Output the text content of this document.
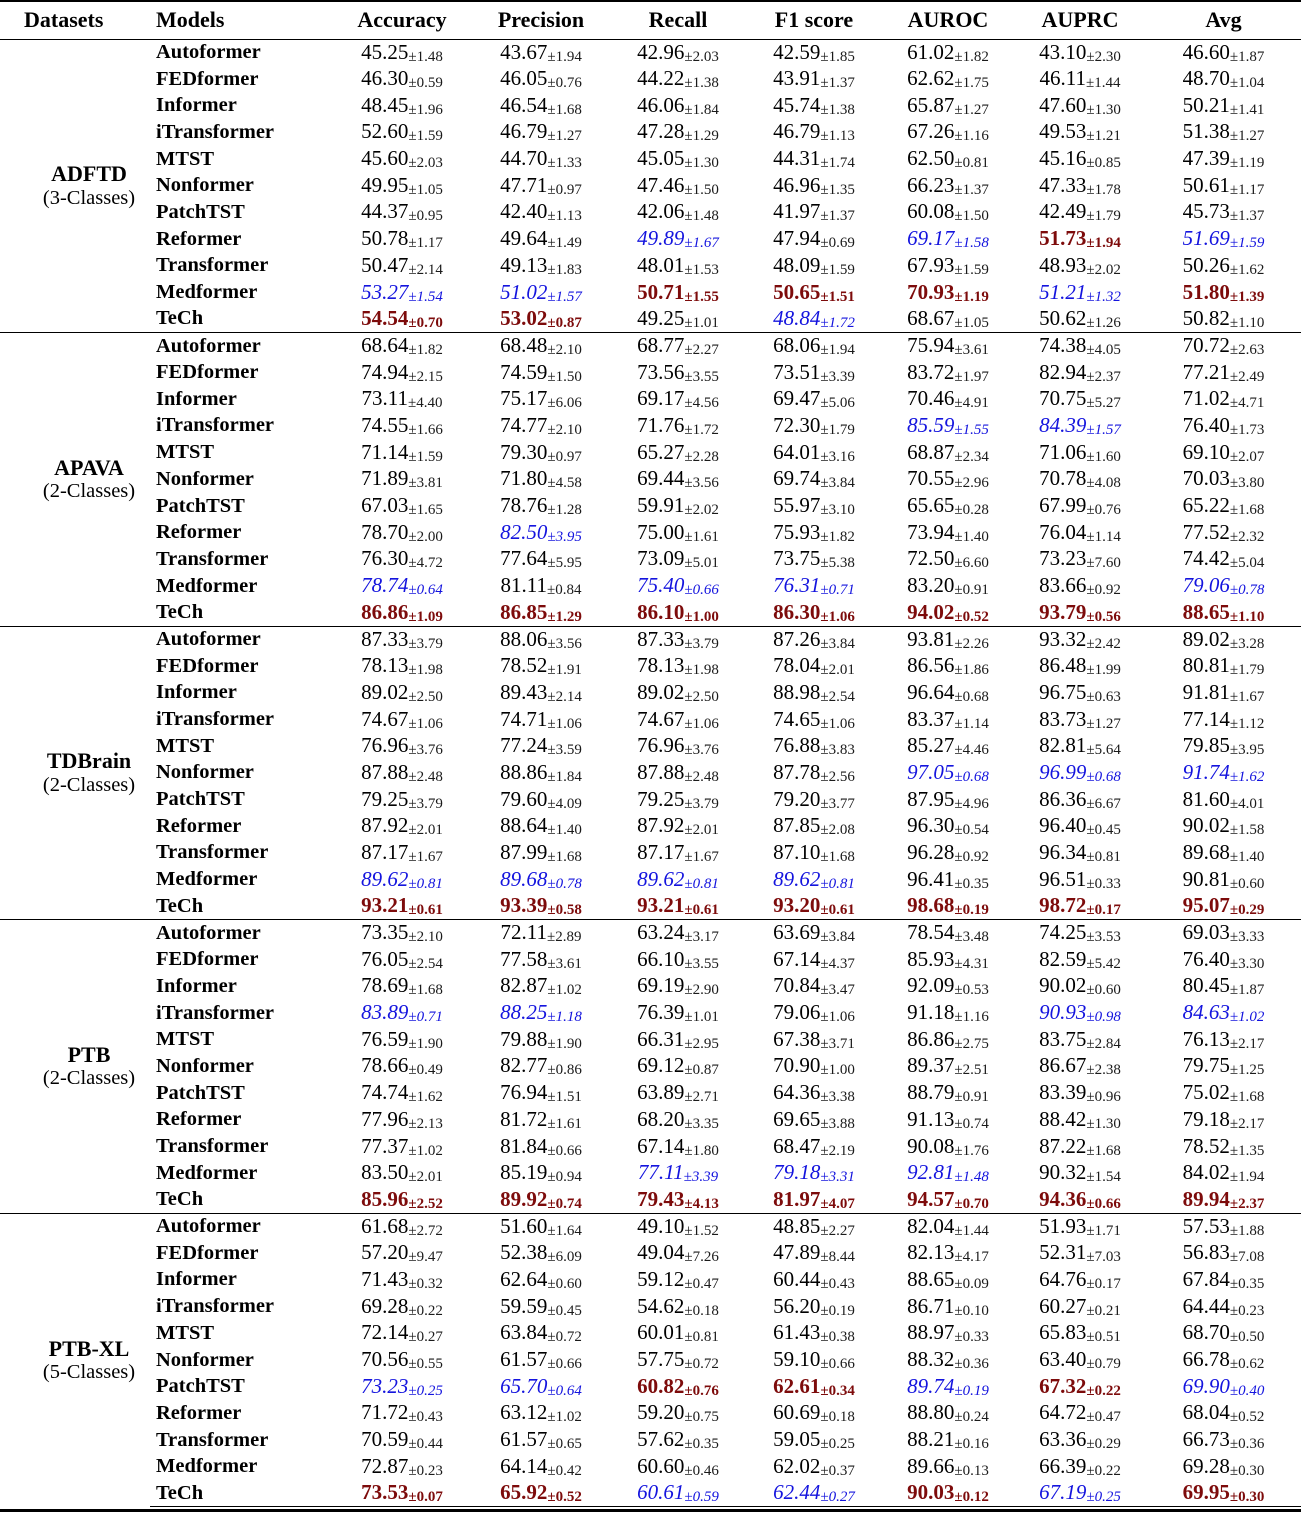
Datasets	Models	Accuracy	Precision	Recall	F1 score	AUROC	AUPRC	Avg

ADFTD
(3-Classes)	Autoformer	45.25±1.48	43.67±1.94	42.96±2.03	42.59±1.85	61.02±1.82	43.10±2.30	46.60±1.87
	FEDformer	46.30±0.59	46.05±0.76	44.22±1.38	43.91±1.37	62.62±1.75	46.11±1.44	48.70±1.04
	Informer	48.45±1.96	46.54±1.68	46.06±1.84	45.74±1.38	65.87±1.27	47.60±1.30	50.21±1.41
	iTransformer	52.60±1.59	46.79±1.27	47.28±1.29	46.79±1.13	67.26±1.16	49.53±1.21	51.38±1.27
	MTST	45.60±2.03	44.70±1.33	45.05±1.30	44.31±1.74	62.50±0.81	45.16±0.85	47.39±1.19
	Nonformer	49.95±1.05	47.71±0.97	47.46±1.50	46.96±1.35	66.23±1.37	47.33±1.78	50.61±1.17
	PatchTST	44.37±0.95	42.40±1.13	42.06±1.48	41.97±1.37	60.08±1.50	42.49±1.79	45.73±1.37
	Reformer	50.78±1.17	49.64±1.49	49.89±1.67	47.94±0.69	69.17±1.58	51.73±1.94	51.69±1.59
	Transformer	50.47±2.14	49.13±1.83	48.01±1.53	48.09±1.59	67.93±1.59	48.93±2.02	50.26±1.62
	Medformer	53.27±1.54	51.02±1.57	50.71±1.55	50.65±1.51	70.93±1.19	51.21±1.32	51.80±1.39
	TeCh	54.54±0.70	53.02±0.87	49.25±1.01	48.84±1.72	68.67±1.05	50.62±1.26	50.82±1.10

APAVA
(2-Classes)	Autoformer	68.64±1.82	68.48±2.10	68.77±2.27	68.06±1.94	75.94±3.61	74.38±4.05	70.72±2.63
	FEDformer	74.94±2.15	74.59±1.50	73.56±3.55	73.51±3.39	83.72±1.97	82.94±2.37	77.21±2.49
	Informer	73.11±4.40	75.17±6.06	69.17±4.56	69.47±5.06	70.46±4.91	70.75±5.27	71.02±4.71
	iTransformer	74.55±1.66	74.77±2.10	71.76±1.72	72.30±1.79	85.59±1.55	84.39±1.57	76.40±1.73
	MTST	71.14±1.59	79.30±0.97	65.27±2.28	64.01±3.16	68.87±2.34	71.06±1.60	69.10±2.07
	Nonformer	71.89±3.81	71.80±4.58	69.44±3.56	69.74±3.84	70.55±2.96	70.78±4.08	70.03±3.80
	PatchTST	67.03±1.65	78.76±1.28	59.91±2.02	55.97±3.10	65.65±0.28	67.99±0.76	65.22±1.68
	Reformer	78.70±2.00	82.50±3.95	75.00±1.61	75.93±1.82	73.94±1.40	76.04±1.14	77.52±2.32
	Transformer	76.30±4.72	77.64±5.95	73.09±5.01	73.75±5.38	72.50±6.60	73.23±7.60	74.42±5.04
	Medformer	78.74±0.64	81.11±0.84	75.40±0.66	76.31±0.71	83.20±0.91	83.66±0.92	79.06±0.78
	TeCh	86.86±1.09	86.85±1.29	86.10±1.00	86.30±1.06	94.02±0.52	93.79±0.56	88.65±1.10

TDBrain
(2-Classes)	Autoformer	87.33±3.79	88.06±3.56	87.33±3.79	87.26±3.84	93.81±2.26	93.32±2.42	89.02±3.28
	FEDformer	78.13±1.98	78.52±1.91	78.13±1.98	78.04±2.01	86.56±1.86	86.48±1.99	80.81±1.79
	Informer	89.02±2.50	89.43±2.14	89.02±2.50	88.98±2.54	96.64±0.68	96.75±0.63	91.81±1.67
	iTransformer	74.67±1.06	74.71±1.06	74.67±1.06	74.65±1.06	83.37±1.14	83.73±1.27	77.14±1.12
	MTST	76.96±3.76	77.24±3.59	76.96±3.76	76.88±3.83	85.27±4.46	82.81±5.64	79.85±3.95
	Nonformer	87.88±2.48	88.86±1.84	87.88±2.48	87.78±2.56	97.05±0.68	96.99±0.68	91.74±1.62
	PatchTST	79.25±3.79	79.60±4.09	79.25±3.79	79.20±3.77	87.95±4.96	86.36±6.67	81.60±4.01
	Reformer	87.92±2.01	88.64±1.40	87.92±2.01	87.85±2.08	96.30±0.54	96.40±0.45	90.02±1.58
	Transformer	87.17±1.67	87.99±1.68	87.17±1.67	87.10±1.68	96.28±0.92	96.34±0.81	89.68±1.40
	Medformer	89.62±0.81	89.68±0.78	89.62±0.81	89.62±0.81	96.41±0.35	96.51±0.33	90.81±0.60
	TeCh	93.21±0.61	93.39±0.58	93.21±0.61	93.20±0.61	98.68±0.19	98.72±0.17	95.07±0.29

PTB
(2-Classes)	Autoformer	73.35±2.10	72.11±2.89	63.24±3.17	63.69±3.84	78.54±3.48	74.25±3.53	69.03±3.33
	FEDformer	76.05±2.54	77.58±3.61	66.10±3.55	67.14±4.37	85.93±4.31	82.59±5.42	76.40±3.30
	Informer	78.69±1.68	82.87±1.02	69.19±2.90	70.84±3.47	92.09±0.53	90.02±0.60	80.45±1.87
	iTransformer	83.89±0.71	88.25±1.18	76.39±1.01	79.06±1.06	91.18±1.16	90.93±0.98	84.63±1.02
	MTST	76.59±1.90	79.88±1.90	66.31±2.95	67.38±3.71	86.86±2.75	83.75±2.84	76.13±2.17
	Nonformer	78.66±0.49	82.77±0.86	69.12±0.87	70.90±1.00	89.37±2.51	86.67±2.38	79.75±1.25
	PatchTST	74.74±1.62	76.94±1.51	63.89±2.71	64.36±3.38	88.79±0.91	83.39±0.96	75.02±1.68
	Reformer	77.96±2.13	81.72±1.61	68.20±3.35	69.65±3.88	91.13±0.74	88.42±1.30	79.18±2.17
	Transformer	77.37±1.02	81.84±0.66	67.14±1.80	68.47±2.19	90.08±1.76	87.22±1.68	78.52±1.35
	Medformer	83.50±2.01	85.19±0.94	77.11±3.39	79.18±3.31	92.81±1.48	90.32±1.54	84.02±1.94
	TeCh	85.96±2.52	89.92±0.74	79.43±4.13	81.97±4.07	94.57±0.70	94.36±0.66	89.94±2.37

PTB-XL
(5-Classes)	Autoformer	61.68±2.72	51.60±1.64	49.10±1.52	48.85±2.27	82.04±1.44	51.93±1.71	57.53±1.88
	FEDformer	57.20±9.47	52.38±6.09	49.04±7.26	47.89±8.44	82.13±4.17	52.31±7.03	56.83±7.08
	Informer	71.43±0.32	62.64±0.60	59.12±0.47	60.44±0.43	88.65±0.09	64.76±0.17	67.84±0.35
	iTransformer	69.28±0.22	59.59±0.45	54.62±0.18	56.20±0.19	86.71±0.10	60.27±0.21	64.44±0.23
	MTST	72.14±0.27	63.84±0.72	60.01±0.81	61.43±0.38	88.97±0.33	65.83±0.51	68.70±0.50
	Nonformer	70.56±0.55	61.57±0.66	57.75±0.72	59.10±0.66	88.32±0.36	63.40±0.79	66.78±0.62
	PatchTST	73.23±0.25	65.70±0.64	60.82±0.76	62.61±0.34	89.74±0.19	67.32±0.22	69.90±0.40
	Reformer	71.72±0.43	63.12±1.02	59.20±0.75	60.69±0.18	88.80±0.24	64.72±0.47	68.04±0.52
	Transformer	70.59±0.44	61.57±0.65	57.62±0.35	59.05±0.25	88.21±0.16	63.36±0.29	66.73±0.36
	Medformer	72.87±0.23	64.14±0.42	60.60±0.46	62.02±0.37	89.66±0.13	66.39±0.22	69.28±0.30
	TeCh	73.53±0.07	65.92±0.52	60.61±0.59	62.44±0.27	90.03±0.12	67.19±0.25	69.95±0.30
